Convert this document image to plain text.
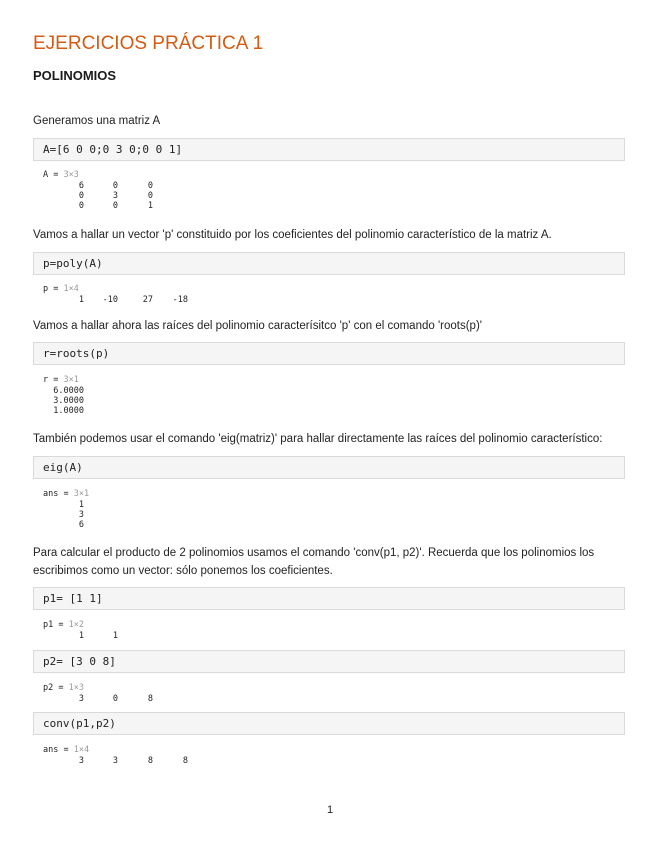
EJERCICIOS PRÁCTICA 1
POLINOMIOS
Generamos una matriz A
A=[6 0 0;0 3 0;0 0 1]
A = 3×3
6	0	0
0	3	0
0	0	1
Vamos a hallar un vector 'p' constituido por los coeficientes del polinomio característico de la matriz A.
p=poly(A)
p = 1×4
1 -10	27 -18
Vamos a hallar ahora las raíces del polinomio caracterísitco 'p' con el comando 'roots(p)'
r=roots(p)
r = 3×1
6.0000
3.0000
1.0000
También podemos usar el comando 'eig(matriz)' para hallar directamente las raíces del polinomio característico:
eig(A)
ans = 3×1
1
3
6
Para calcular el producto de 2 polinomios usamos el comando 'conv(p1, p2)'. Recuerda que los polinomios los escribimos como un vector: sólo ponemos los coeficientes.
p1= [1 1]
p1 = 1×2
1	1
p2= [3 0 8]
p2 = 1×3
3	0	8
conv(p1,p2)
ans = 1×4
3	3	8	8
1
